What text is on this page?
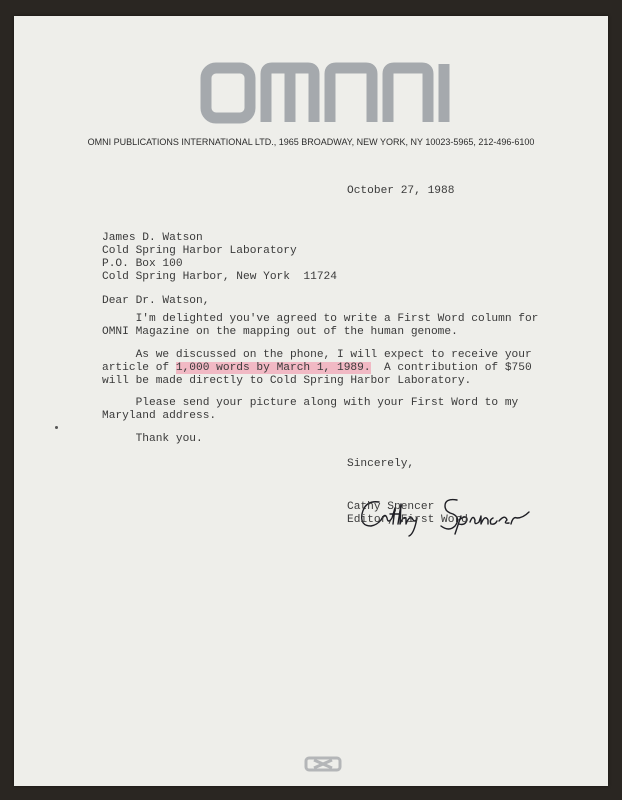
OMNI PUBLICATIONS INTERNATIONAL LTD., 1965 BROADWAY, NEW YORK, NY 10023-5965, 212-496-6100
October 27, 1988
James D. Watson
Cold Spring Harbor Laboratory
P.O. Box 100
Cold Spring Harbor, New York  11724
Dear Dr. Watson,
I'm delighted you've agreed to write a First Word column for
OMNI Magazine on the mapping out of the human genome.
As we discussed on the phone, I will expect to receive your
article of 1,000 words by March 1, 1989.  A contribution of $750
will be made directly to Cold Spring Harbor Laboratory.
Please send your picture along with your First Word to my
Maryland address.
Thank you.
Sincerely,
Cathy Spencer
Editor, First Word
